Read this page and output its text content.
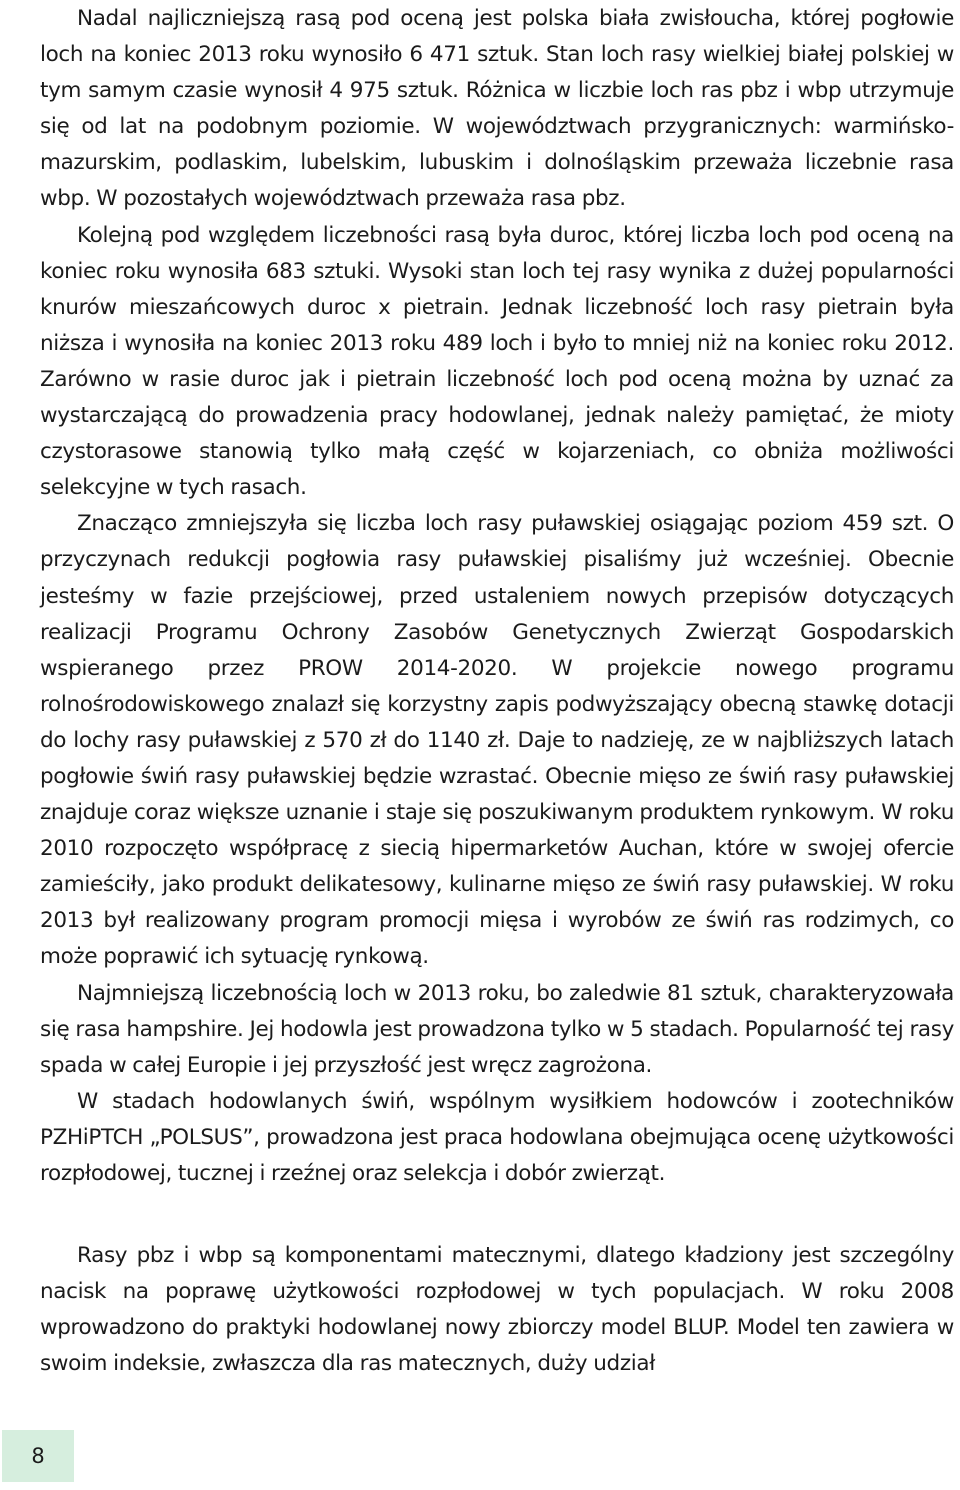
Nadal najliczniejszą rasą pod oceną jest polska biała zwisłoucha, której pogłowie loch na koniec 2013 roku wynosiło 6 471 sztuk. Stan loch rasy wielkiej białej polskiej w tym samym czasie wynosił 4 975 sztuk. Różnica w liczbie loch ras pbz i wbp utrzymuje się od lat na podobnym poziomie. W województwach przygranicznych: warmińsko-mazurskim, podlaskim, lubelskim, lubuskim i dolnośląskim przeważa liczebnie rasa wbp. W pozostałych województwach przeważa rasa pbz.

Kolejną pod względem liczebności rasą była duroc, której liczba loch pod oceną na koniec roku wynosiła 683 sztuki. Wysoki stan loch tej rasy wynika z dużej popularności knurów mieszańcowych duroc x pietrain. Jednak liczebność loch rasy pietrain była niższa i wynosiła na koniec 2013 roku 489 loch i było to mniej niż na koniec roku 2012. Zarówno w rasie duroc jak i pietrain liczebność loch pod oceną można by uznać za wystarczającą do prowadzenia pracy hodowlanej, jednak należy pamiętać, że mioty czystorasowe stanowią tylko małą część w kojarzeniach, co obniża możliwości selekcyjne w tych rasach.

Znacząco zmniejszyła się liczba loch rasy puławskiej osiągając poziom 459 szt. O przyczynach redukcji pogłowia rasy puławskiej pisaliśmy już wcześniej. Obecnie jesteśmy w fazie przejściowej, przed ustaleniem nowych przepisów dotyczących realizacji Programu Ochrony Zasobów Genetycznych Zwierząt Gospodarskich wspieranego przez PROW 2014-2020. W projekcie nowego programu rolnośrodowiskowego znalazł się korzystny zapis podwyższający obecną stawkę dotacji do lochy rasy puławskiej z 570 zł do 1140 zł. Daje to nadzieję, ze w najbliższych latach pogłowie świń rasy puławskiej będzie wzrastać. Obecnie mięso ze świń rasy puławskiej znajduje coraz większe uznanie i staje się poszukiwanym produktem rynkowym. W roku 2010 rozpoczęto współpracę z siecią hipermarketów Auchan, które w swojej ofercie zamieściły, jako produkt delikatesowy, kulinarne mięso ze świń rasy puławskiej. W roku 2013 był realizowany program promocji mięsa i wyrobów ze świń ras rodzimych, co może poprawić ich sytuację rynkową.

Najmniejszą liczebnością loch w 2013 roku, bo zaledwie 81 sztuk, charakteryzowała się rasa hampshire. Jej hodowla jest prowadzona tylko w 5 stadach. Popularność tej rasy spada w całej Europie i jej przyszłość jest wręcz zagrożona.

W stadach hodowlanych świń, wspólnym wysiłkiem hodowców i zootechników PZHiPTCH „POLSUS”, prowadzona jest praca hodowlana obejmująca ocenę użytkowości rozpłodowej, tucznej i rzeźnej oraz selekcja i dobór zwierząt.

Rasy pbz i wbp są komponentami matecznymi, dlatego kładziony jest szczególny nacisk na poprawę użytkowości rozpłodowej w tych populacjach. W roku 2008 wprowadzono do praktyki hodowlanej nowy zbiorczy model BLUP. Model ten zawiera w swoim indeksie, zwłaszcza dla ras matecznych, duży udział

8
